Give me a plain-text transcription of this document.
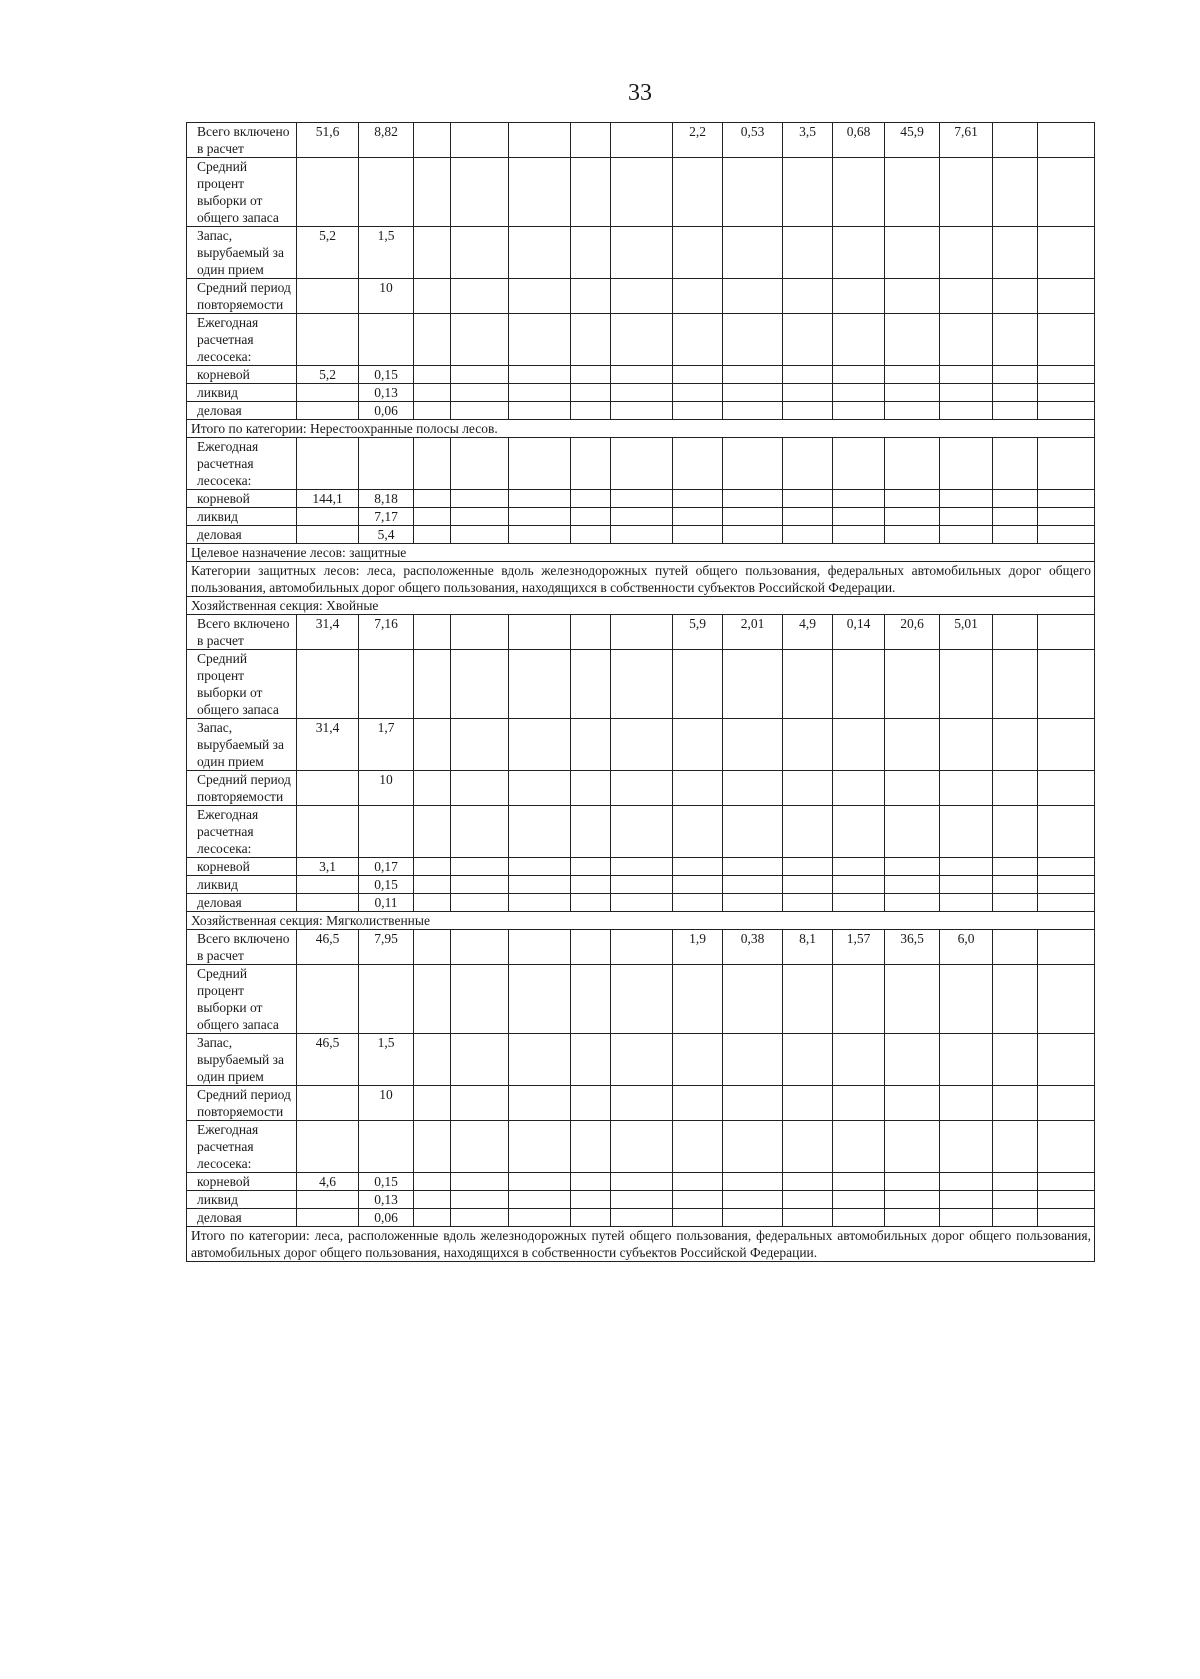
33
Всего включено в расчет	51,6	8,82						2,2	0,53	3,5	0,68	45,9	7,61		
Средний процент выборки от общего запаса															
Запас, вырубаемый за один прием	5,2	1,5													
Средний период повторяемости		10													
Ежегодная расчетная лесосека:															
корневой	5,2	0,15													
ликвид		0,13													
деловая		0,06													
Итого по категории: Нерестоохранные полосы лесов.															
Ежегодная расчетная лесосека:															
корневой	144,1	8,18													
ликвид		7,17													
деловая		5,4													
Целевое назначение лесов: защитные															
Категории защитных лесов: леса, расположенные вдоль железнодорожных путей общего пользования, федеральных автомобильных дорог общего пользования, автомобильных дорог общего пользования, находящихся в собственности субъектов Российской Федерации.															
Хозяйственная секция: Хвойные															
Всего включено в расчет	31,4	7,16						5,9	2,01	4,9	0,14	20,6	5,01		
Средний процент выборки от общего запаса															
Запас, вырубаемый за один прием	31,4	1,7													
Средний период повторяемости		10													
Ежегодная расчетная лесосека:															
корневой	3,1	0,17													
ликвид		0,15													
деловая		0,11													
Хозяйственная секция: Мягколиственные															
Всего включено в расчет	46,5	7,95						1,9	0,38	8,1	1,57	36,5	6,0		
Средний процент выборки от общего запаса															
Запас, вырубаемый за один прием	46,5	1,5													
Средний период повторяемости		10													
Ежегодная расчетная лесосека:															
корневой	4,6	0,15													
ликвид		0,13													
деловая		0,06													
Итого по категории: леса, расположенные вдоль железнодорожных путей общего пользования, федеральных автомобильных дорог общего пользования, автомобильных дорог общего пользования, находящихся в собственности субъектов Российской Федерации.															
